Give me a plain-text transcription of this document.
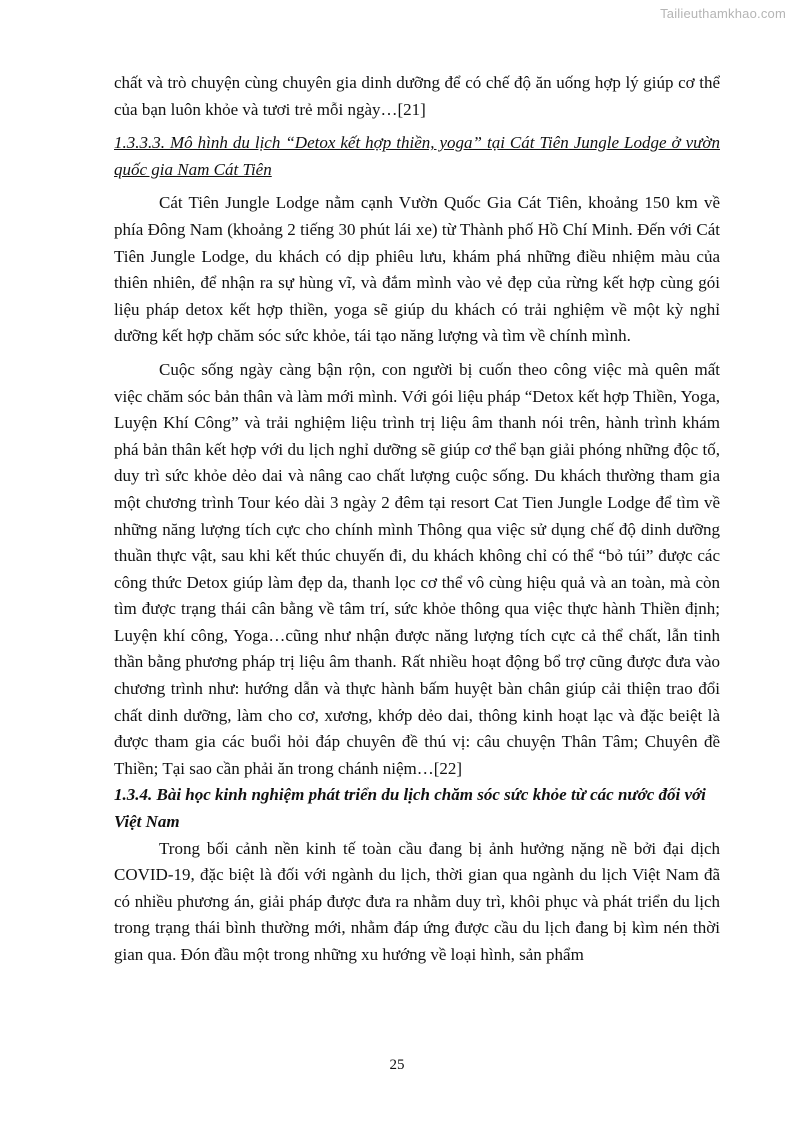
Tailieuthamkhao.com

chất và trò chuyện cùng chuyên gia dinh dưỡng để có chế độ ăn uống hợp lý giúp cơ thể của bạn luôn khỏe và tươi trẻ mỗi ngày…[21]

1.3.3.3. Mô hình du lịch “Detox kết hợp thiền, yoga” tại Cát Tiên Jungle Lodge ở vườn quốc gia Nam Cát Tiên

Cát Tiên Jungle Lodge nằm cạnh Vườn Quốc Gia Cát Tiên, khoảng 150 km về phía Đông Nam (khoảng 2 tiếng 30 phút lái xe) từ Thành phố Hồ Chí Minh. Đến với Cát Tiên Jungle Lodge, du khách có dịp phiêu lưu, khám phá những điều nhiệm màu của thiên nhiên, để nhận ra sự hùng vĩ, và đắm mình vào vẻ đẹp của rừng kết hợp cùng gói liệu pháp detox kết hợp thiền, yoga sẽ giúp du khách có trải nghiệm về một kỳ nghỉ dưỡng kết hợp chăm sóc sức khỏe, tái tạo năng lượng và tìm về chính mình.

Cuộc sống ngày càng bận rộn, con người bị cuốn theo công việc mà quên mất việc chăm sóc bản thân và làm mới mình. Với gói liệu pháp “Detox kết hợp Thiền, Yoga, Luyện Khí Công” và trải nghiệm liệu trình trị liệu âm thanh nói trên, hành trình khám phá bản thân kết hợp với du lịch nghỉ dưỡng sẽ giúp cơ thể bạn giải phóng những độc tố, duy trì sức khỏe dẻo dai và nâng cao chất lượng cuộc sống. Du khách thường tham gia một chương trình Tour kéo dài 3 ngày 2 đêm tại resort Cat Tien Jungle Lodge để tìm về những năng lượng tích cực cho chính mình Thông qua việc sử dụng chế độ dinh dưỡng thuần thực vật, sau khi kết thúc chuyến đi, du khách không chỉ có thể “bỏ túi” được các công thức Detox giúp làm đẹp da, thanh lọc cơ thể vô cùng hiệu quả và an toàn, mà còn tìm được trạng thái cân bằng về tâm trí, sức khỏe thông qua việc thực hành Thiền định; Luyện khí công, Yoga…cũng như nhận được năng lượng tích cực cả thể chất, lẫn tinh thần bằng phương pháp trị liệu âm thanh. Rất nhiều hoạt động bổ trợ cũng được đưa vào chương trình như: hướng dẫn và thực hành bấm huyệt bàn chân giúp cải thiện trao đổi chất dinh dưỡng, làm cho cơ, xương, khớp dẻo dai, thông kinh hoạt lạc và đặc beiệt là được tham gia các buổi hỏi đáp chuyên đề thú vị: câu chuyện Thân Tâm; Chuyên đề Thiền; Tại sao cần phải ăn trong chánh niệm…[22]

1.3.4. Bài học kinh nghiệm phát triển du lịch chăm sóc sức khỏe từ các nước đối với Việt Nam

Trong bối cảnh nền kinh tế toàn cầu đang bị ảnh hưởng nặng nề bởi đại dịch COVID-19, đặc biệt là đối với ngành du lịch, thời gian qua ngành du lịch Việt Nam đã có nhiều phương án, giải pháp được đưa ra nhằm duy trì, khôi phục và phát triển du lịch trong trạng thái bình thường mới, nhằm đáp ứng được cầu du lịch đang bị kìm nén thời gian qua. Đón đầu một trong những xu hướng về loại hình, sản phẩm

25
